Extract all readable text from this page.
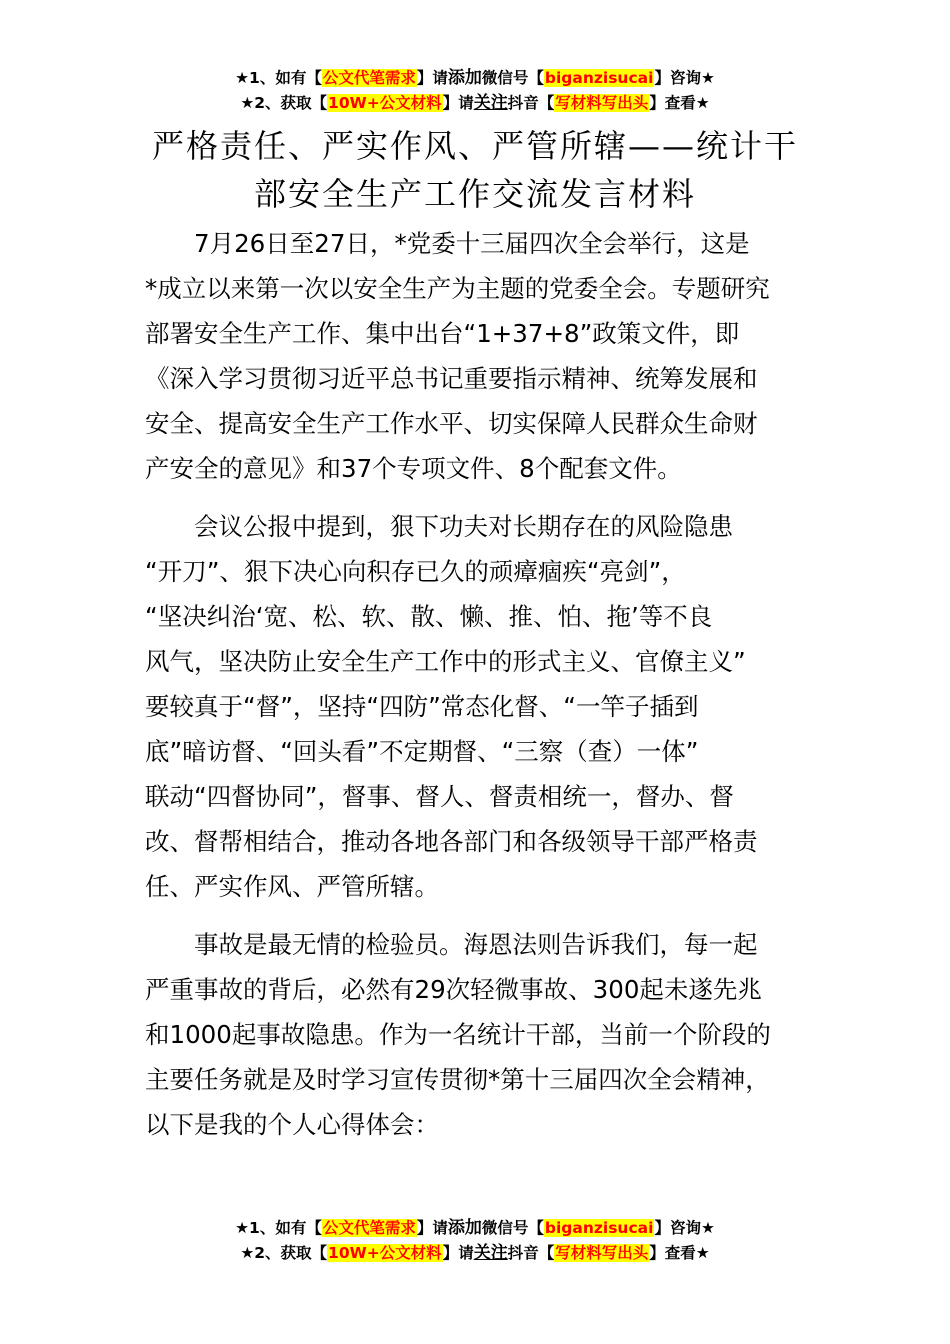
★1、如有【公文代笔需求】请添加微信号【biganzisucai】咨询★
★2、获取【10W+公文材料】请关注抖音【写材料写出头】查看★
严格责任、严实作风、严管所辖——统计干
部安全生产工作交流发言材料

7月26日至27日，*党委十三届四次全会举行，这是
*成立以来第一次以安全生产为主题的党委全会。专题研究
部署安全生产工作、集中出台“1+37+8”政策文件，即
《深入学习贯彻习近平总书记重要指示精神、统筹发展和
安全、提高安全生产工作水平、切实保障人民群众生命财
产安全的意见》和37个专项文件、8个配套文件。

会议公报中提到，狠下功夫对长期存在的风险隐患
“开刀”、狠下决心向积存已久的顽瘴痼疾“亮剑”，
“坚决纠治‘宽、松、软、散、懒、推、怕、拖’等不良
风气，坚决防止安全生产工作中的形式主义、官僚主义”
要较真于“督”，坚持“四防”常态化督、“一竿子插到
底”暗访督、“回头看”不定期督、“三察（查）一体”
联动“四督协同”，督事、督人、督责相统一，督办、督
改、督帮相结合，推动各地各部门和各级领导干部严格责
任、严实作风、严管所辖。

事故是最无情的检验员。海恩法则告诉我们，每一起
严重事故的背后，必然有29次轻微事故、300起未遂先兆
和1000起事故隐患。作为一名统计干部，当前一个阶段的
主要任务就是及时学习宣传贯彻*第十三届四次全会精神，
以下是我的个人心得体会：

★1、如有【公文代笔需求】请添加微信号【biganzisucai】咨询★
★2、获取【10W+公文材料】请关注抖音【写材料写出头】查看★
